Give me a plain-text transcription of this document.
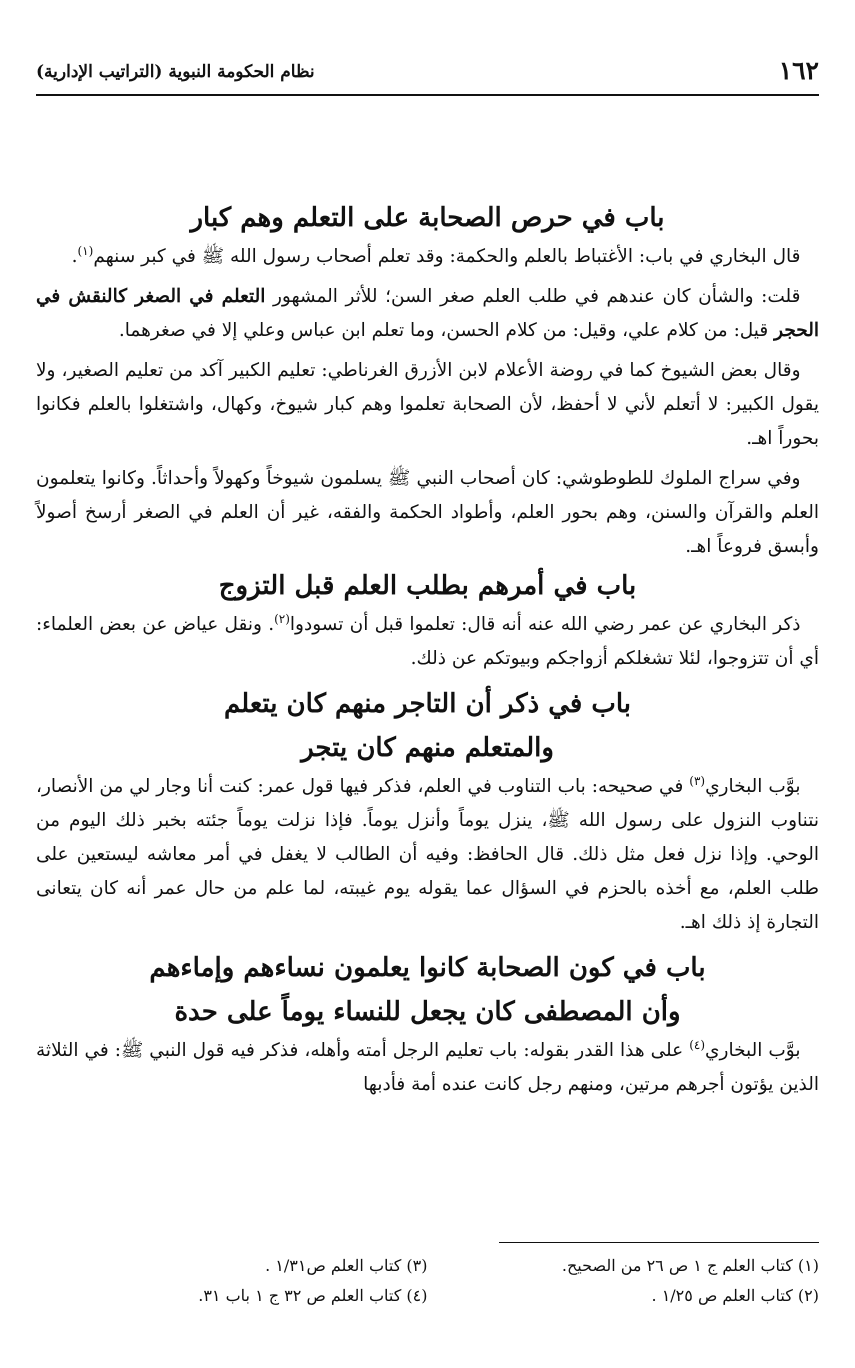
١٦٢
نظام الحكومة النبوية (التراتيب الإدارية)
باب في حرص الصحابة على التعلم وهم كبار

 قال البخاري في باب: الأغتباط بالعلم والحكمة: وقد تعلم أصحاب رسول الله ﷺ في كبر سنهم$^{(١)}$.

 قلت: والشأن كان عندهم في طلب العلم صغر السن؛ للأثر المشهور التعلم في الصغر كالنقش في الحجر قيل: من كلام علي، وقيل: من كلام الحسن، وما تعلم ابن عباس وعلي إلا في صغرهما.

 وقال بعض الشيوخ كما في روضة الأعلام لابن الأزرق الغرناطي: تعليم الكبير آكد من تعليم الصغير، ولا يقول الكبير: لا أتعلم لأني لا أحفظ، لأن الصحابة تعلموا وهم كبار شيوخ، وكهال، واشتغلوا بالعلم فكانوا بحوراً اهـ.

 وفي سراج الملوك للطوطوشي: كان أصحاب النبي ﷺ يسلمون شيوخاً وكهولاً وأحداثاً. وكانوا يتعلمون العلم والقرآن والسنن، وهم بحور العلم، وأطواد الحكمة والفقه، غير أن العلم في الصغر أرسخ أصولاً وأبسق فروعاً اهـ.

باب في أمرهم بطلب العلم قبل التزوج

 ذكر البخاري عن عمر رضي الله عنه أنه قال: تعلموا قبل أن تسودوا$^{(٢)}$. ونقل عياض عن بعض العلماء: أي أن تتزوجوا، لئلا تشغلكم أزواجكم وبيوتكم عن ذلك.

باب في ذكر أن التاجر منهم كان يتعلم
والمتعلم منهم كان يتجر

 بوَّب البخاري$^{(٣)}$ في صحيحه: باب التناوب في العلم، فذكر فيها قول عمر: كنت أنا وجار لي من الأنصار، نتناوب النزول على رسول الله ﷺ، ينزل يوماً وأنزل يوماً. فإذا نزلت يوماً جئته بخبر ذلك اليوم من الوحي. وإذا نزل فعل مثل ذلك. قال الحافظ: وفيه أن الطالب لا يغفل في أمر معاشه ليستعين على طلب العلم، مع أخذه بالحزم في السؤال عما يقوله يوم غيبته، لما علم من حال عمر أنه كان يتعانى التجارة إذ ذلك اهـ.

باب في كون الصحابة كانوا يعلمون نساءهم وإماءهم
وأن المصطفى كان يجعل للنساء يوماً على حدة

 بوَّب البخاري$^{(٤)}$ على هذا القدر بقوله: باب تعليم الرجل أمته وأهله، فذكر فيه قول النبي ﷺ: في الثلاثة الذين يؤتون أجرهم مرتين، ومنهم رجل كانت عنده أمة فأدبها

(١) كتاب العلم ج ١ ص ٢٦ من الصحيح.
(٣) كتاب العلم ص١/٣١ .
(٢) كتاب العلم ص ١/٢٥ .
(٤) كتاب العلم ص ٣٢ ج ١ باب ٣١.
